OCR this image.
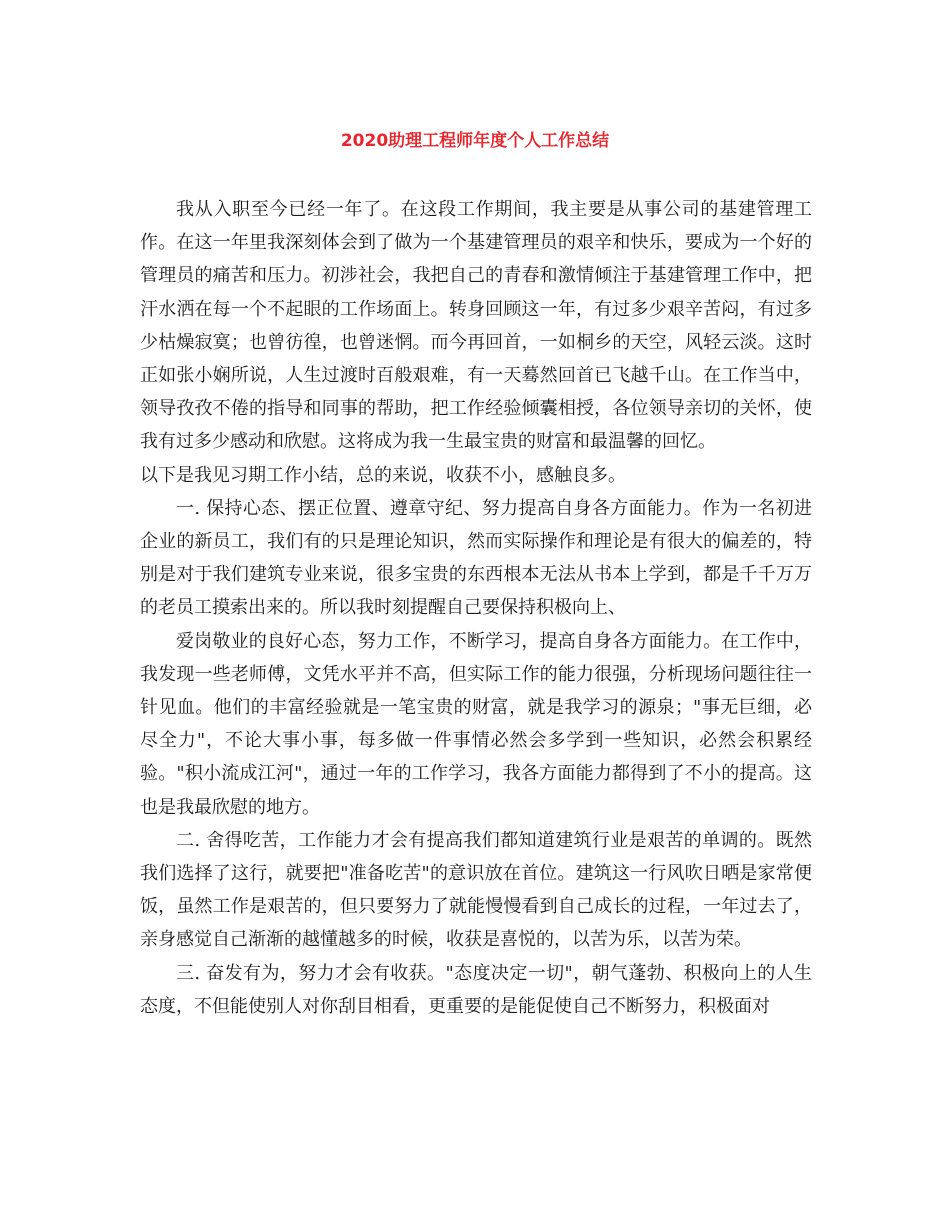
2020助理工程师年度个人工作总结

我从入职至今已经一年了。在这段工作期间，我主要是从事公司的基建管理工作。在这一年里我深刻体会到了做为一个基建管理员的艰辛和快乐，要成为一个好的管理员的痛苦和压力。初涉社会，我把自己的青春和激情倾注于基建管理工作中，把汗水洒在每一个不起眼的工作场面上。转身回顾这一年，有过多少艰辛苦闷，有过多少枯燥寂寞；也曾彷徨，也曾迷惘。而今再回首，一如桐乡的天空，风轻云淡。这时正如张小娴所说，人生过渡时百般艰难，有一天蓦然回首已飞越千山。在工作当中，领导孜孜不倦的指导和同事的帮助，把工作经验倾囊相授，各位领导亲切的关怀，使我有过多少感动和欣慰。这将成为我一生最宝贵的财富和最温馨的回忆。

以下是我见习期工作小结，总的来说，收获不小，感触良多。

一. 保持心态、摆正位置、遵章守纪、努力提高自身各方面能力。作为一名初进企业的新员工，我们有的只是理论知识，然而实际操作和理论是有很大的偏差的，特别是对于我们建筑专业来说，很多宝贵的东西根本无法从书本上学到，都是千千万万的老员工摸索出来的。所以我时刻提醒自己要保持积极向上、

爱岗敬业的良好心态，努力工作，不断学习，提高自身各方面能力。在工作中，我发现一些老师傅，文凭水平并不高，但实际工作的能力很强，分析现场问题往往一针见血。他们的丰富经验就是一笔宝贵的财富，就是我学习的源泉；"事无巨细，必尽全力"，不论大事小事，每多做一件事情必然会多学到一些知识，必然会积累经验。"积小流成江河"，通过一年的工作学习，我各方面能力都得到了不小的提高。这也是我最欣慰的地方。

二. 舍得吃苦，工作能力才会有提高我们都知道建筑行业是艰苦的单调的。既然我们选择了这行，就要把"准备吃苦"的意识放在首位。建筑这一行风吹日晒是家常便饭，虽然工作是艰苦的，但只要努力了就能慢慢看到自己成长的过程，一年过去了，亲身感觉自己渐渐的越懂越多的时候，收获是喜悦的，以苦为乐，以苦为荣。

三. 奋发有为，努力才会有收获。"态度决定一切"，朝气蓬勃、积极向上的人生态度，不但能使别人对你刮目相看，更重要的是能促使自己不断努力，积极面对
